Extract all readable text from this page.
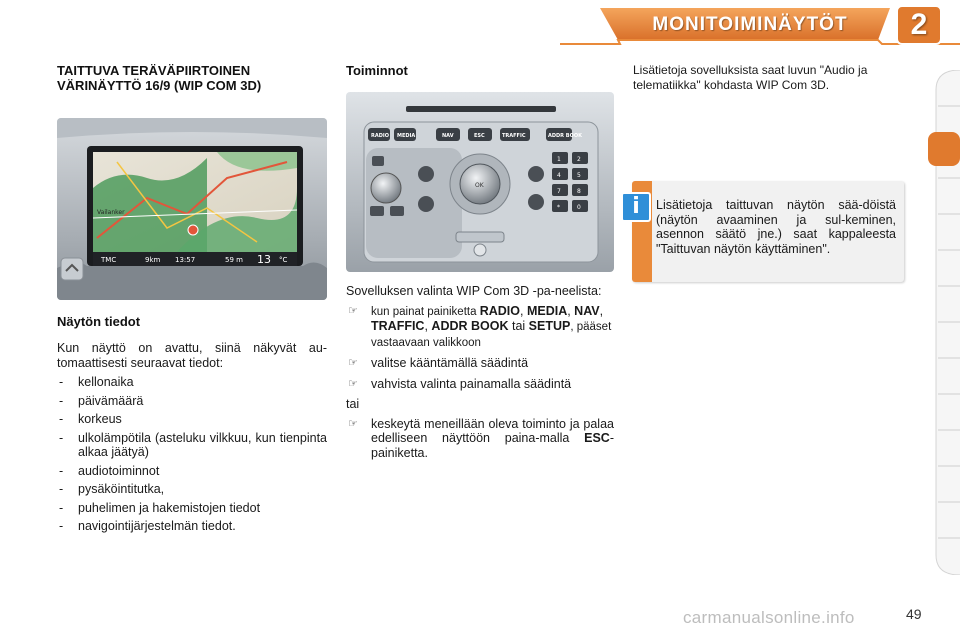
MONITOIMINÄYTÖT	2
TAITTUVA TERÄVÄPIIRTOINEN
VÄRINÄYTTÖ 16/9 (WIP COM 3D)
Vailanker
TMC	9km 13:57	59 m 13 °C
Näytön tiedot

Kun näyttö on avattu, siinä näkyvät au-tomaattisesti seuraavat tiedot:

- kellonaika
- päivämäärä
- korkeus
- ulkolämpötila (asteluku vilkkuu, kun tienpinta alkaa jäätyä)
- audiotoiminnot
- pysäköintitutka,
- puhelimen ja hakemistojen tiedot
- navigointijärjestelmän tiedot.
Toiminnot
RADIO MEDIA	NAV	ESC	TRAFFIC	ADDR BOOK
OK
1	2
4	5
7	8
*	0

Sovelluksen valinta WIP Com 3D -pa-neelista:

☞ kun painat painiketta RADIO, MEDIA, NAV, TRAFFIC, ADDR BOOK tai SETUP, pääset vastaavaan valikkoon
☞ valitse kääntämällä säädintä
☞ vahvista valinta painamalla säädintä

tai

☞ keskeytä meneillään oleva toiminto ja palaa edelliseen näyttöön paina-malla ESC-painiketta.
Lisätietoja sovelluksista saat luvun "Audio ja telematiikka" kohdasta WIP Com 3D.
i	Lisätietoja taittuvan näytön sää-döistä (näytön avaaminen ja sul-keminen, asennon säätö jne.) saat kappaleesta "Taittuvan näytön käyttäminen".
carmanualsonline.info	49
